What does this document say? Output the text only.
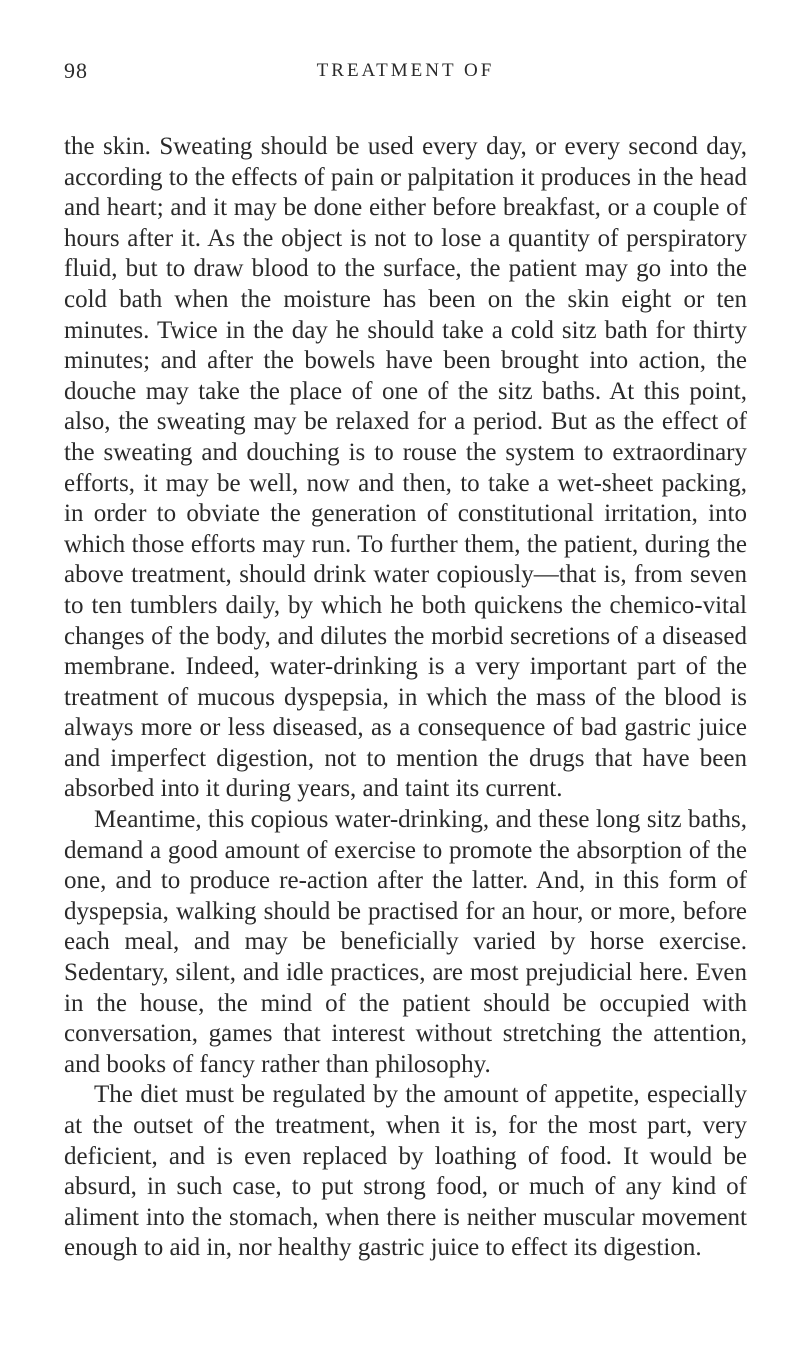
98	TREATMENT OF

the skin. Sweating should be used every day, or every second day, according to the effects of pain or palpitation it produces in the head and heart; and it may be done either before breakfast, or a couple of hours after it. As the object is not to lose a quantity of perspiratory fluid, but to draw blood to the surface, the patient may go into the cold bath when the moisture has been on the skin eight or ten minutes. Twice in the day he should take a cold sitz bath for thirty minutes; and after the bowels have been brought into action, the douche may take the place of one of the sitz baths. At this point, also, the sweating may be relaxed for a period. But as the effect of the sweating and douching is to rouse the system to extraordinary efforts, it may be well, now and then, to take a wet-sheet packing, in order to obviate the generation of constitutional irritation, into which those efforts may run. To further them, the patient, during the above treatment, should drink water copiously—that is, from seven to ten tumblers daily, by which he both quickens the chemico-vital changes of the body, and dilutes the morbid secretions of a diseased membrane. Indeed, water-drinking is a very important part of the treatment of mucous dyspepsia, in which the mass of the blood is always more or less diseased, as a consequence of bad gastric juice and imperfect digestion, not to mention the drugs that have been absorbed into it during years, and taint its current.

Meantime, this copious water-drinking, and these long sitz baths, demand a good amount of exercise to promote the absorption of the one, and to produce re-action after the latter. And, in this form of dyspepsia, walking should be practised for an hour, or more, before each meal, and may be beneficially varied by horse exercise. Sedentary, silent, and idle practices, are most prejudicial here. Even in the house, the mind of the patient should be occupied with conversation, games that interest without stretching the attention, and books of fancy rather than philosophy.

The diet must be regulated by the amount of appetite, especially at the outset of the treatment, when it is, for the most part, very deficient, and is even replaced by loathing of food. It would be absurd, in such case, to put strong food, or much of any kind of aliment into the stomach, when there is neither muscular movement enough to aid in, nor healthy gastric juice to effect its digestion.
